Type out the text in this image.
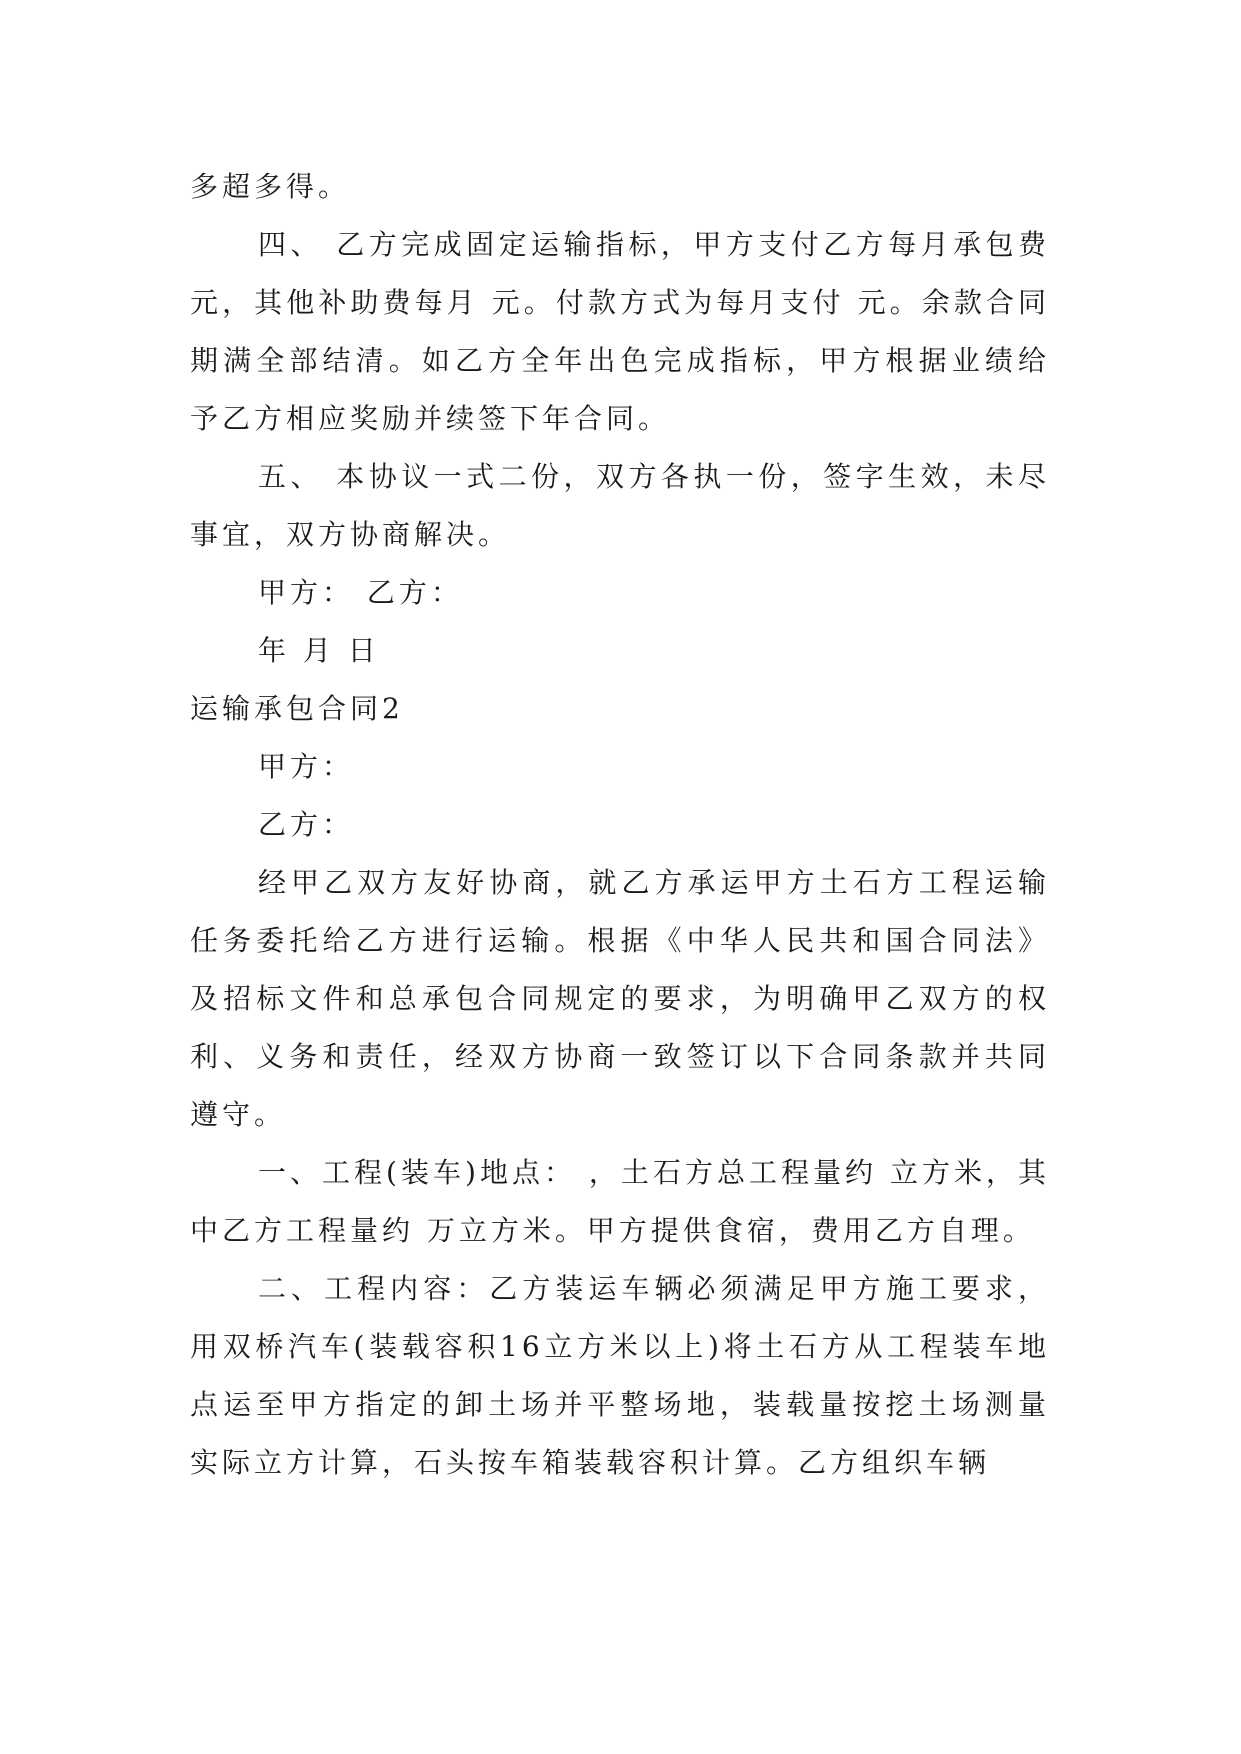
多超多得。

四、 乙方完成固定运输指标，甲方支付乙方每月承包费 元，其他补助费每月 元。付款方式为每月支付 元。余款合同期满全部结清。如乙方全年出色完成指标，甲方根据业绩给予乙方相应奖励并续签下年合同。

五、 本协议一式二份，双方各执一份，签字生效，未尽事宜，双方协商解决。

甲方： 乙方：

年 月 日

运输承包合同2

甲方：

乙方：

经甲乙双方友好协商，就乙方承运甲方土石方工程运输任务委托给乙方进行运输。根据《中华人民共和国合同法》及招标文件和总承包合同规定的要求，为明确甲乙双方的权利、义务和责任，经双方协商一致签订以下合同条款并共同遵守。

一、工程(装车)地点： ，土石方总工程量约 立方米，其中乙方工程量约 万立方米。甲方提供食宿，费用乙方自理。

二、工程内容：乙方装运车辆必须满足甲方施工要求，用双桥汽车(装载容积16立方米以上)将土石方从工程装车地点运至甲方指定的卸土场并平整场地，装载量按挖土场测量实际立方计算，石头按车箱装载容积计算。乙方组织车辆
